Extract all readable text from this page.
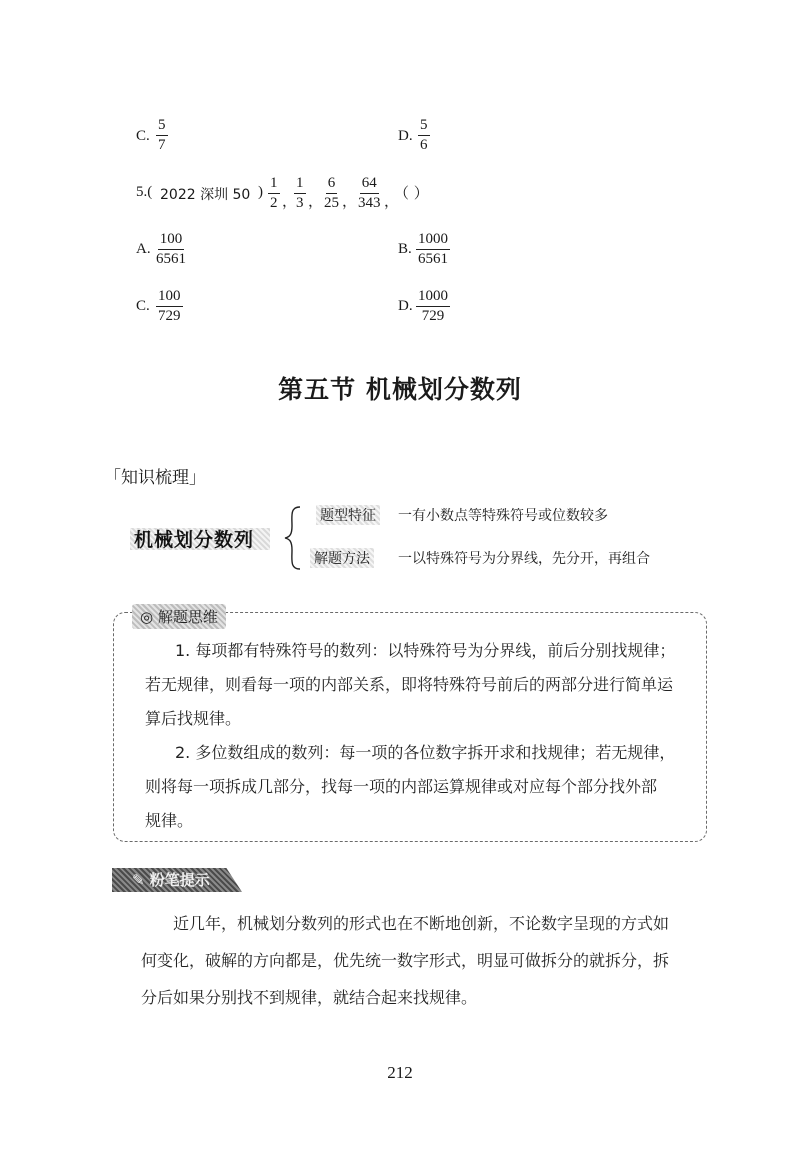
C. $\frac{5}{7}$	D. $\frac{5}{6}$
5.( 2022 深圳 50 ) $\frac{1}{2}$ ，
$\frac{1}{3}$ ，
$\frac{6}{25}$ ，
$\frac{64}{343}$ ，
（ ）
A. $\frac{100}{6561}$	B. $\frac{1000}{6561}$
C. $\frac{100}{729}$	D. $\frac{1000}{729}$
第五节 机械划分数列
「知识梳理」
机械划分数列
题型特征 一有小数点等特殊符号或位数较多
解题方法 一以特殊符号为分界线，先分开，再组合
◎ 解题思维
1. 每项都有特殊符号的数列：以特殊符号为分界线，前后分别找规律；
若无规律，则看每一项的内部关系，即将特殊符号前后的两部分进行简单运
算后找规律。
2. 多位数组成的数列：每一项的各位数字拆开求和找规律；若无规律，
则将每一项拆成几部分，找每一项的内部运算规律或对应每个部分找外部
规律。
✎ 粉笔提示
近几年，机械划分数列的形式也在不断地创新，不论数字呈现的方式如
何变化，破解的方向都是，优先统一数字形式，明显可做拆分的就拆分，拆
分后如果分别找不到规律，就结合起来找规律。
212
